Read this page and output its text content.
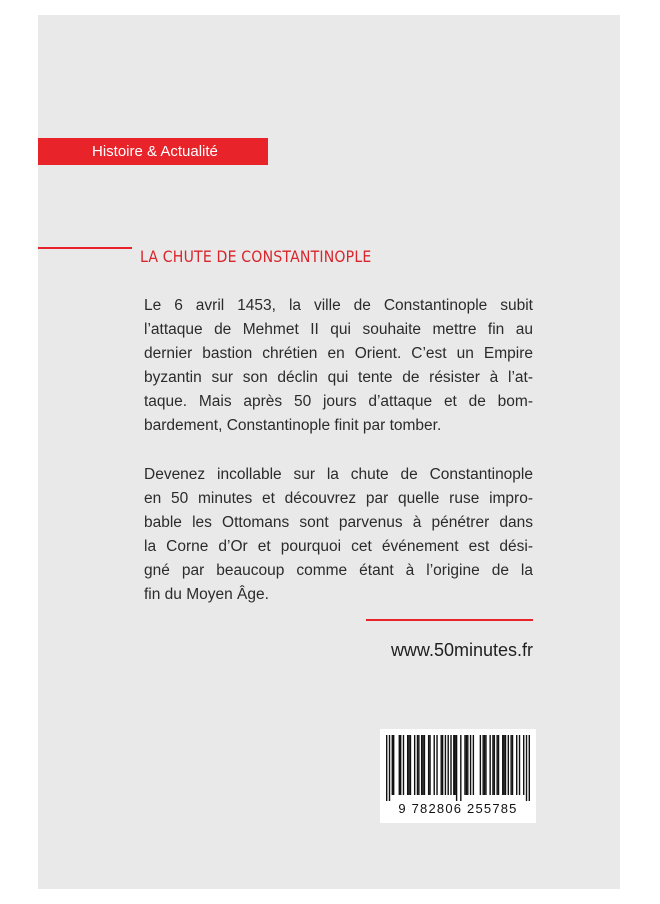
Histoire & Actualité
LA CHUTE DE CONSTANTINOPLE
Le 6 avril 1453, la ville de Constantinople subit
l’attaque de Mehmet II qui souhaite mettre fin au
dernier bastion chrétien en Orient. C’est un Empire
byzantin sur son déclin qui tente de résister à l’at-
taque. Mais après 50 jours d’attaque et de bom-
bardement, Constantinople finit par tomber.
Devenez incollable sur la chute de Constantinople
en 50 minutes et découvrez par quelle ruse impro-
bable les Ottomans sont parvenus à pénétrer dans
la Corne d’Or et pourquoi cet événement est dési-
gné par beaucoup comme étant à l’origine de la
fin du Moyen Âge.

www.50minutes.fr

9 782806 255785
